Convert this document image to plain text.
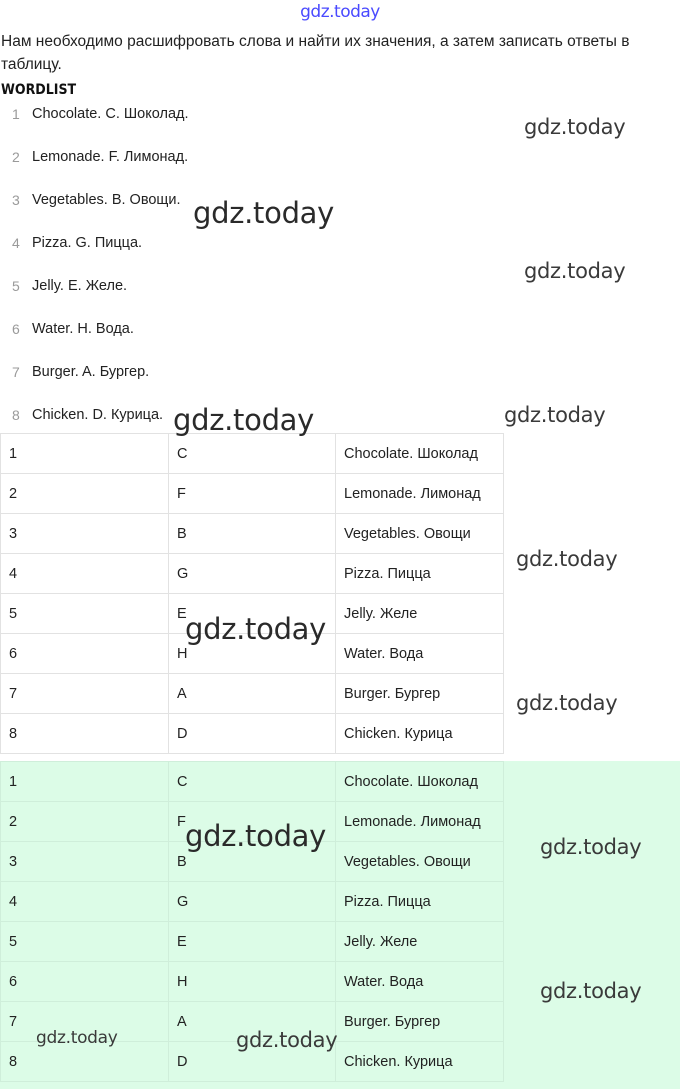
gdz.today
Нам необходимо расшифровать слова и найти их значения, а затем записать ответы в таблицу.
WORDLIST
1 Chocolate. C. Шоколад.
2 Lemonade. F. Лимонад.
3 Vegetables. B. Овощи.
4 Pizza. G. Пицца.
5 Jelly. E. Желе.
6 Water. H. Вода.
7 Burger. A. Бургер.
8 Chicken. D. Курица.
1	C	Chocolate. Шоколад
2	F	Lemonade. Лимонад
3	B	Vegetables. Овощи
4	G	Pizza. Пицца
5	E	Jelly. Желе
6	H	Water. Вода
7	A	Burger. Бургер
8	D	Chicken. Курица
1	C	Chocolate. Шоколад
2	F	Lemonade. Лимонад
3	B	Vegetables. Овощи
4	G	Pizza. Пицца
5	E	Jelly. Желе
6	H	Water. Вода
7	A	Burger. Бургер
8	D	Chicken. Курица
gdz.today
gdz.today
gdz.today
gdz.today	gdz.today
gdz.today
gdz.today
gdz.today
gdz.today	gdz.today
gdz.today
gdz.today	gdz.today
